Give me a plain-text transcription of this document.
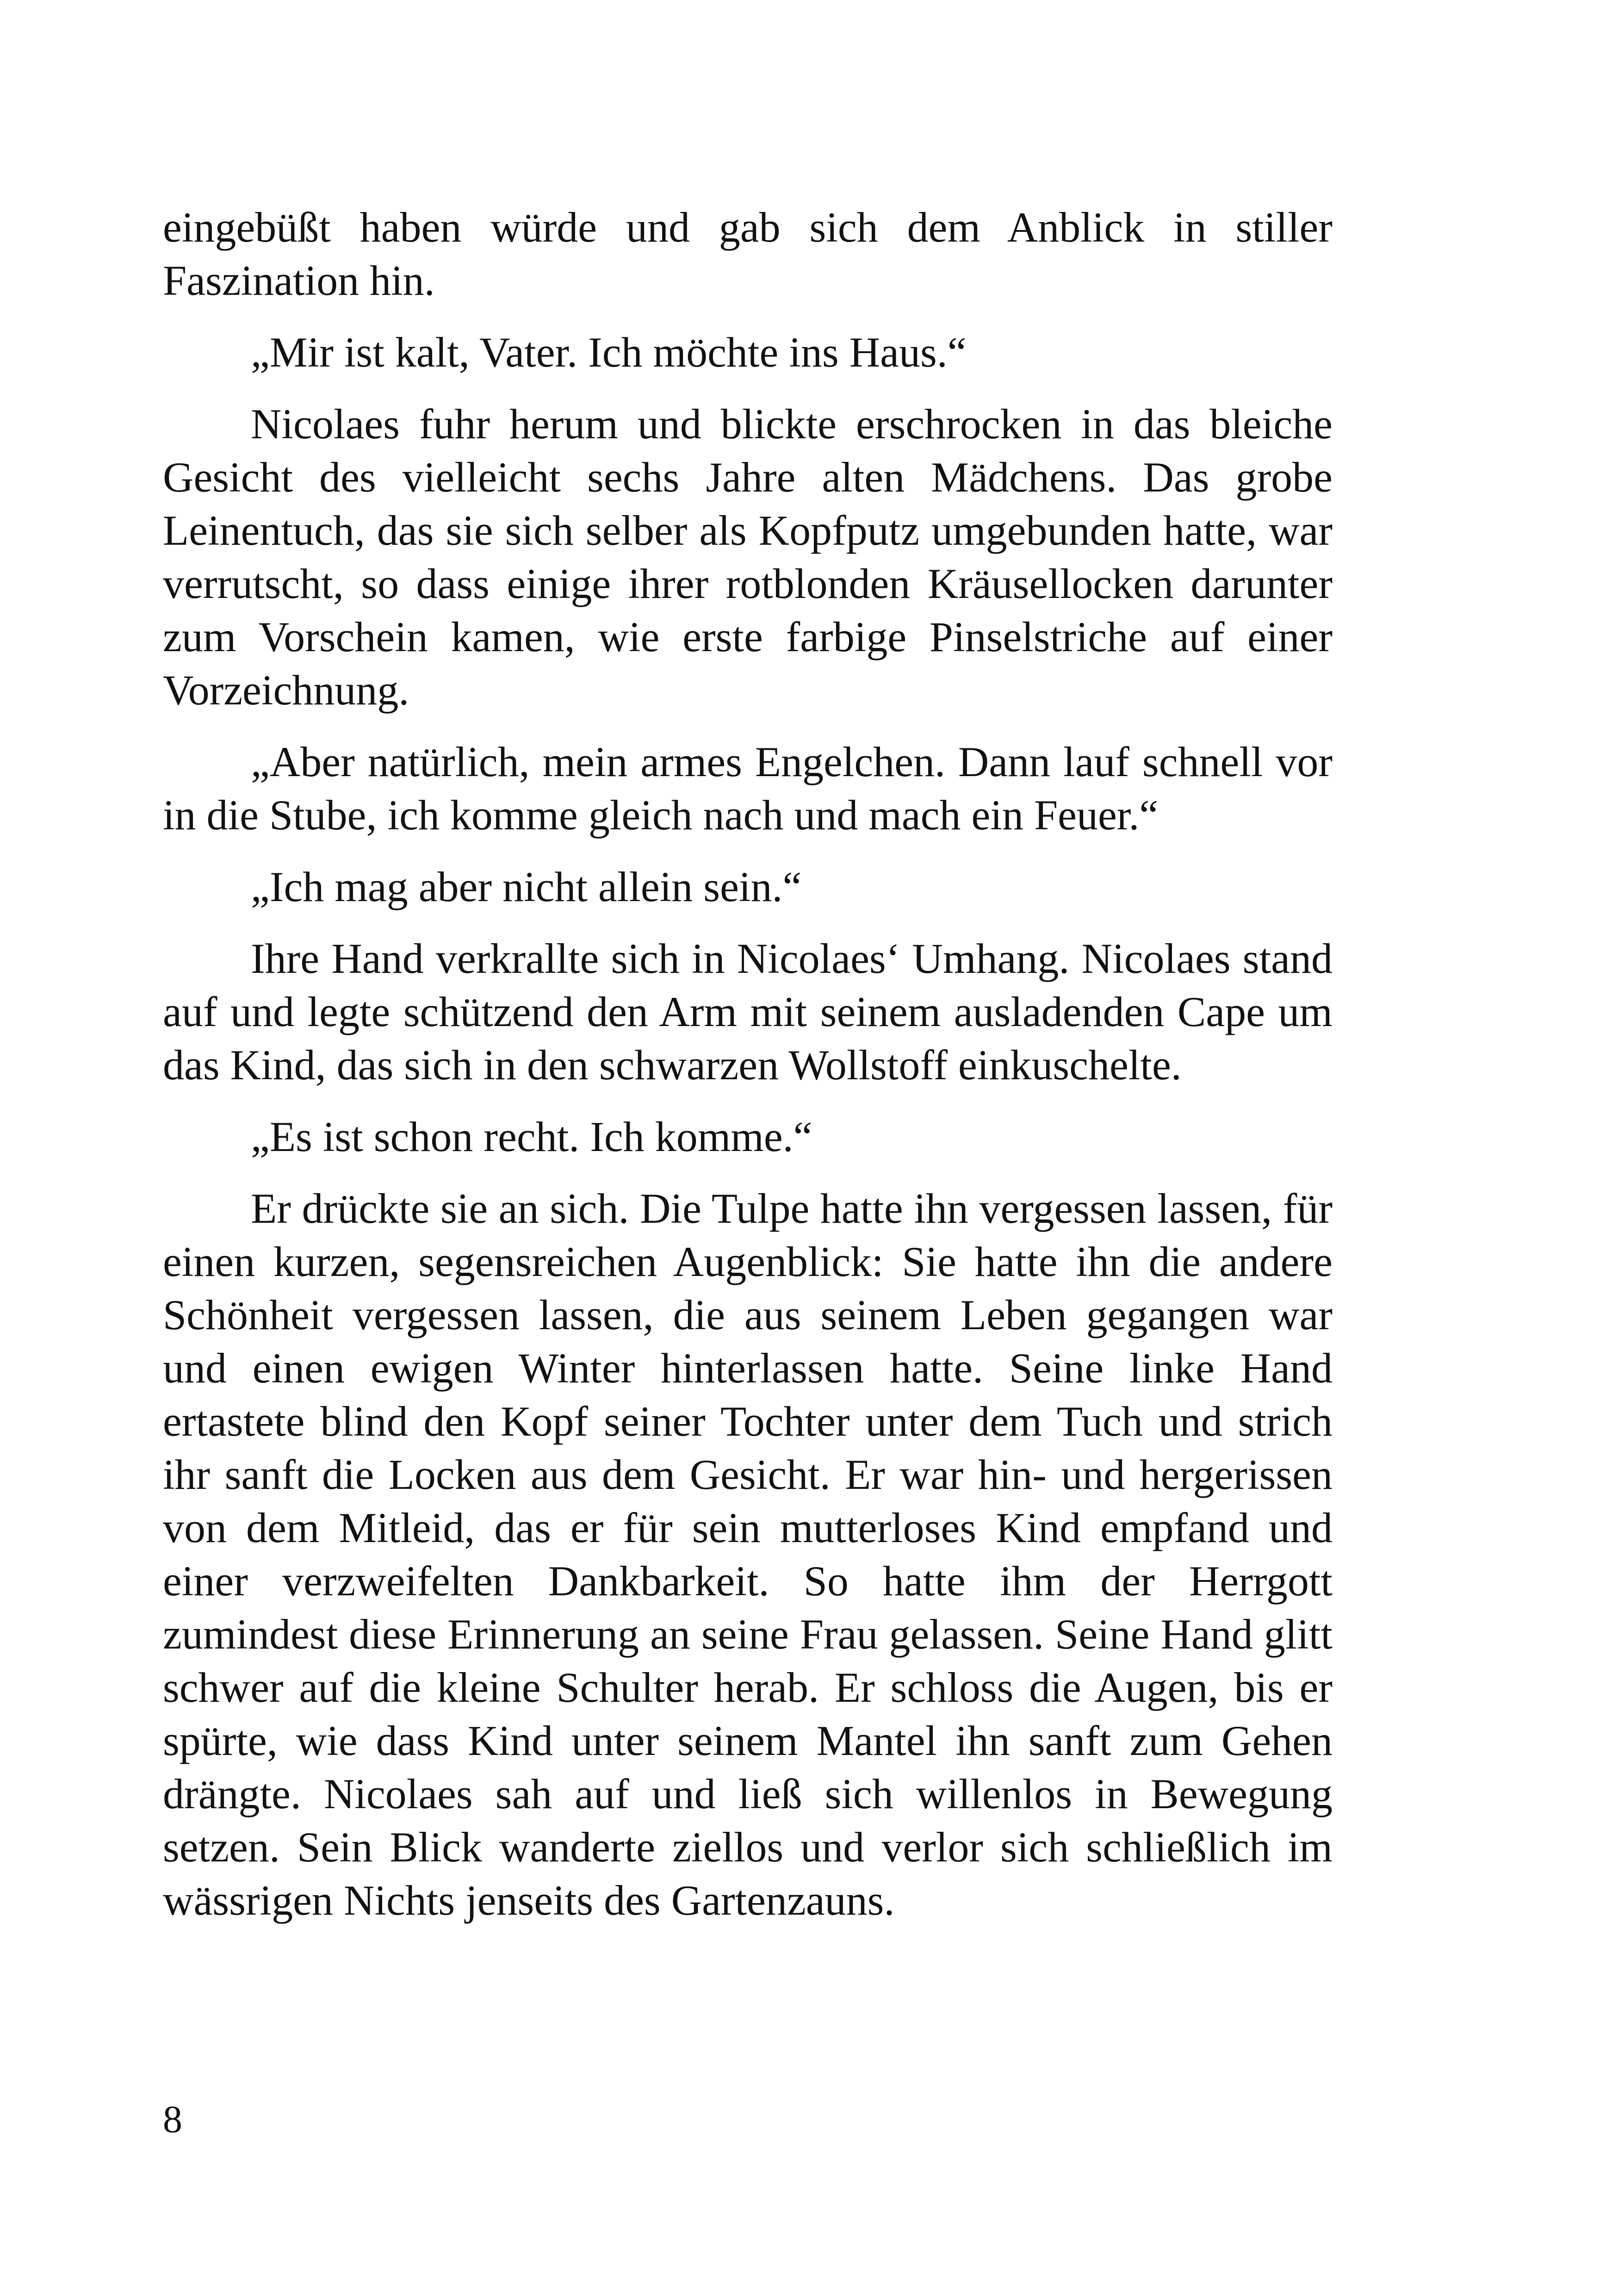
eingebüßt haben würde und gab sich dem Anblick in stiller Faszination hin.

„Mir ist kalt, Vater. Ich möchte ins Haus.“

Nicolaes fuhr herum und blickte erschrocken in das bleiche Gesicht des vielleicht sechs Jahre alten Mädchens. Das grobe Leinentuch, das sie sich selber als Kopfputz umgebunden hatte, war verrutscht, so dass einige ihrer rotblonden Kräusellocken darunter zum Vorschein kamen, wie erste farbige Pinselstriche auf einer Vorzeichnung.

„Aber natürlich, mein armes Engelchen. Dann lauf schnell vor in die Stube, ich komme gleich nach und mach ein Feuer.“

„Ich mag aber nicht allein sein.“

Ihre Hand verkrallte sich in Nicolaes‘ Umhang. Nicolaes stand auf und legte schützend den Arm mit seinem ausladenden Cape um das Kind, das sich in den schwarzen Wollstoff einkuschelte.

„Es ist schon recht. Ich komme.“

Er drückte sie an sich. Die Tulpe hatte ihn vergessen lassen, für einen kurzen, segensreichen Augenblick: Sie hatte ihn die andere Schönheit vergessen lassen, die aus seinem Leben gegangen war und einen ewigen Winter hinterlassen hatte. Seine linke Hand ertastete blind den Kopf seiner Tochter unter dem Tuch und strich ihr sanft die Locken aus dem Gesicht. Er war hin- und hergerissen von dem Mitleid, das er für sein mutterloses Kind empfand und einer verzweifelten Dankbarkeit. So hatte ihm der Herrgott zumindest diese Erinnerung an seine Frau gelassen. Seine Hand glitt schwer auf die kleine Schulter herab. Er schloss die Augen, bis er spürte, wie dass Kind unter seinem Mantel ihn sanft zum Gehen drängte. Nicolaes sah auf und ließ sich willenlos in Bewegung setzen. Sein Blick wanderte ziellos und verlor sich schließlich im wässrigen Nichts jenseits des Gartenzauns.

8
